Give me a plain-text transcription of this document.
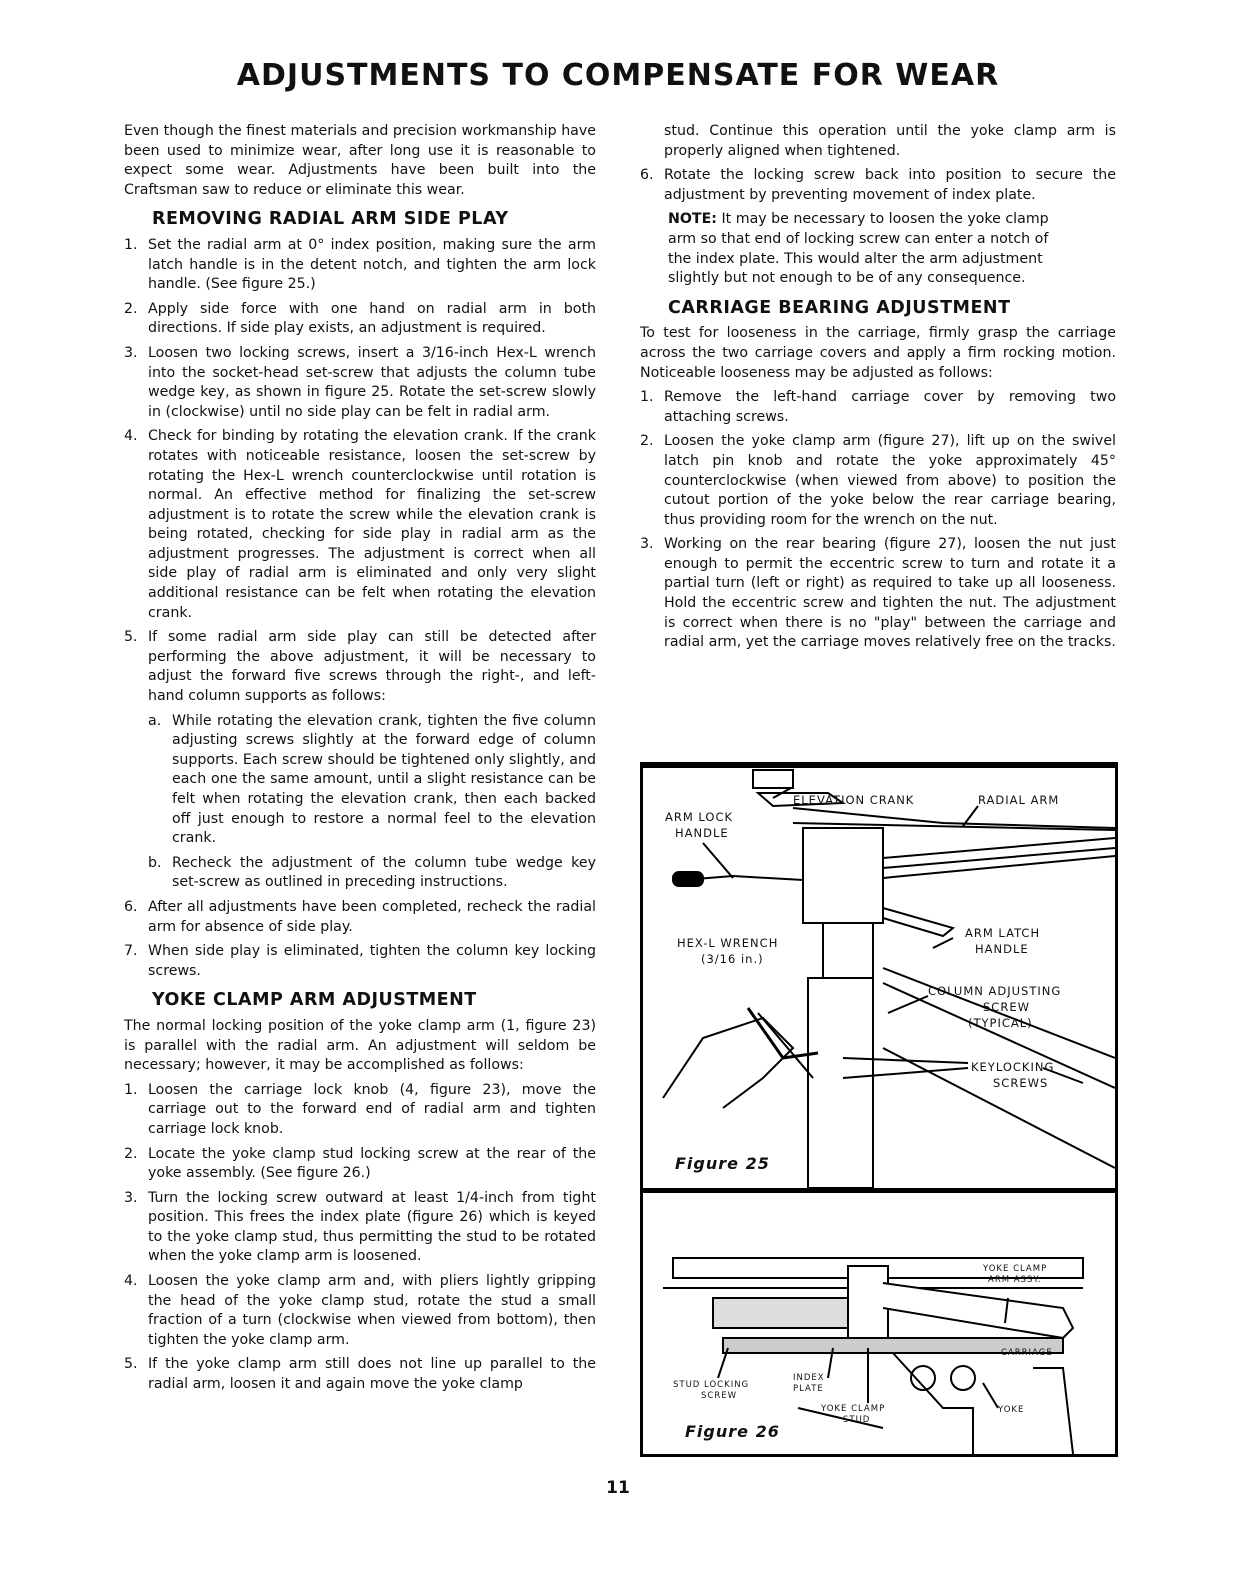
ADJUSTMENTS TO COMPENSATE FOR WEAR

Even though the finest materials and precision workmanship have been used to minimize wear, after long use it is reasonable to expect some wear. Adjustments have been built into the Craftsman saw to reduce or eliminate this wear.

REMOVING RADIAL ARM SIDE PLAY
1. Set the radial arm at 0° index position, making sure the arm latch handle is in the detent notch, and tighten the arm lock handle. (See figure 25.)
2. Apply side force with one hand on radial arm in both directions. If side play exists, an adjustment is required.
3. Loosen two locking screws, insert a 3/16-inch Hex-L wrench into the socket-head set-screw that adjusts the column tube wedge key, as shown in figure 25. Rotate the set-screw slowly in (clockwise) until no side play can be felt in radial arm.
4. Check for binding by rotating the elevation crank. If the crank rotates with noticeable resistance, loosen the set-screw by rotating the Hex-L wrench counterclockwise until rotation is normal. An effective method for finalizing the set-screw adjustment is to rotate the screw while the elevation crank is being rotated, checking for side play in radial arm as the adjustment progresses. The adjustment is correct when all side play of radial arm is eliminated and only very slight additional resistance can be felt when rotating the elevation crank.
5. If some radial arm side play can still be detected after performing the above adjustment, it will be necessary to adjust the forward five screws through the right-, and left-hand column supports as follows:
a. While rotating the elevation crank, tighten the five column adjusting screws slightly at the forward edge of column supports. Each screw should be tightened only slightly, and each one the same amount, until a slight resistance can be felt when rotating the elevation crank, then each backed off just enough to restore a normal feel to the elevation crank.
b. Recheck the adjustment of the column tube wedge key set-screw as outlined in preceding instructions.
6. After all adjustments have been completed, recheck the radial arm for absence of side play.
7. When side play is eliminated, tighten the column key locking screws.
YOKE CLAMP ARM ADJUSTMENT

The normal locking position of the yoke clamp arm (1, figure 23) is parallel with the radial arm. An adjustment will seldom be necessary; however, it may be accomplished as follows:

1. Loosen the carriage lock knob (4, figure 23), move the carriage out to the forward end of radial arm and tighten carriage lock knob.
2. Locate the yoke clamp stud locking screw at the rear of the yoke assembly. (See figure 26.)
3. Turn the locking screw outward at least 1/4-inch from tight position. This frees the index plate (figure 26) which is keyed to the yoke clamp stud, thus permitting the stud to be rotated when the yoke clamp arm is loosened.
4. Loosen the yoke clamp arm and, with pliers lightly gripping the head of the yoke clamp stud, rotate the stud a small fraction of a turn (clockwise when viewed from bottom), then tighten the yoke clamp arm.
5. If the yoke clamp arm still does not line up parallel to the radial arm, loosen it and again move the yoke clamp

stud. Continue this operation until the yoke clamp arm is properly aligned when tightened.

6. Rotate the locking screw back into position to secure the adjustment by preventing movement of index plate.
NOTE: It may be necessary to loosen the yoke clamp arm so that end of locking screw can enter a notch of the index plate. This would alter the arm adjustment slightly but not enough to be of any consequence.
CARRIAGE BEARING ADJUSTMENT

To test for looseness in the carriage, firmly grasp the carriage across the two carriage covers and apply a firm rocking motion. Noticeable looseness may be adjusted as follows:

1. Remove the left-hand carriage cover by removing two attaching screws.
2. Loosen the yoke clamp arm (figure 27), lift up on the swivel latch pin knob and rotate the yoke approximately 45° counterclockwise (when viewed from above) to position the cutout portion of the yoke below the rear carriage bearing, thus providing room for the wrench on the nut.
3. Working on the rear bearing (figure 27), loosen the nut just enough to permit the eccentric screw to turn and rotate it a partial turn (left or right) as required to take up all looseness. Hold the eccentric screw and tighten the nut. The adjustment is correct when there is no "play" between the carriage and radial arm, yet the carriage moves relatively free on the tracks.
ELEVATION CRANK	RADIAL ARM
ARM LOCK
HANDLE
HEX-L WRENCH
(3/16 in.)
ARM LATCH
HANDLE
COLUMN ADJUSTING
SCREW
(TYPICAL)
KEYLOCKING
SCREWS
Figure 25
YOKE CLAMP
ARM ASSY.
CARRIAGE
STUD LOCKING
SCREW
INDEX
PLATE
YOKE CLAMP
STUD
YOKE
Figure 26
11
